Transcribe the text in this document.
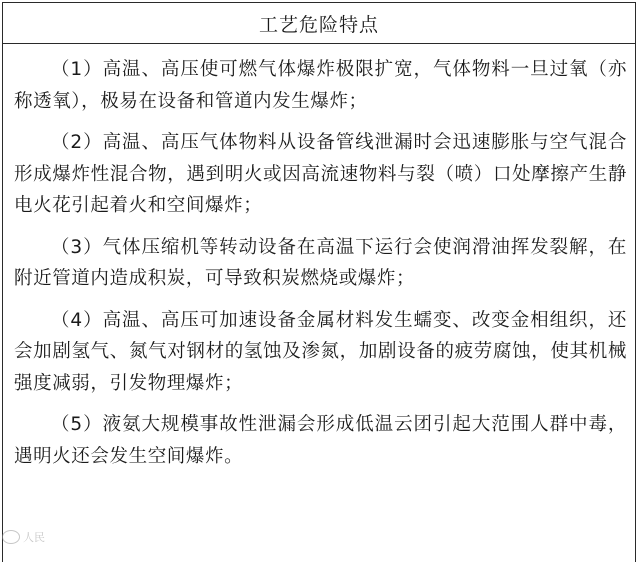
工艺危险特点

（1）高温、高压使可燃气体爆炸极限扩宽，气体物料一旦过氧（亦称透氧），极易在设备和管道内发生爆炸；

（2）高温、高压气体物料从设备管线泄漏时会迅速膨胀与空气混合形成爆炸性混合物，遇到明火或因高流速物料与裂（喷）口处摩擦产生静电火花引起着火和空间爆炸；

（3）气体压缩机等转动设备在高温下运行会使润滑油挥发裂解，在附近管道内造成积炭，可导致积炭燃烧或爆炸；

（4）高温、高压可加速设备金属材料发生蠕变、改变金相组织，还会加剧氢气、氮气对钢材的氢蚀及渗氮，加剧设备的疲劳腐蚀，使其机械强度减弱，引发物理爆炸；

（5）液氨大规模事故性泄漏会形成低温云团引起大范围人群中毒，遇明火还会发生空间爆炸。

人民
